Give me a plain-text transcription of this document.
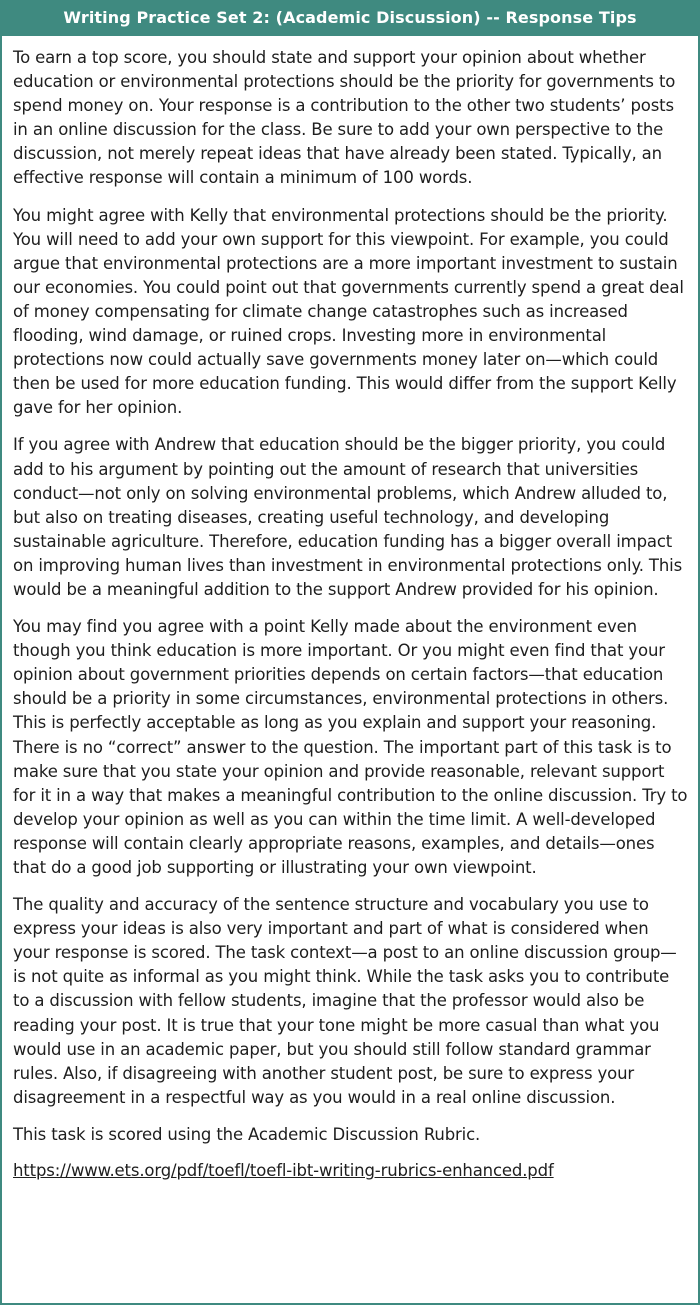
Writing Practice Set 2: (Academic Discussion) -- Response Tips

To earn a top score, you should state and support your opinion about whether education or environmental protections should be the priority for governments to spend money on. Your response is a contribution to the other two students’ posts in an online discussion for the class. Be sure to add your own perspective to the discussion, not merely repeat ideas that have already been stated. Typically, an effective response will contain a minimum of 100 words.

You might agree with Kelly that environmental protections should be the priority. You will need to add your own support for this viewpoint. For example, you could argue that environmental protections are a more important investment to sustain our economies. You could point out that governments currently spend a great deal of money compensating for climate change catastrophes such as increased flooding, wind damage, or ruined crops. Investing more in environmental protections now could actually save governments money later on—which could then be used for more education funding. This would differ from the support Kelly gave for her opinion.

If you agree with Andrew that education should be the bigger priority, you could add to his argument by pointing out the amount of research that universities conduct—not only on solving environmental problems, which Andrew alluded to, but also on treating diseases, creating useful technology, and developing sustainable agriculture. Therefore, education funding has a bigger overall impact on improving human lives than investment in environmental protections only. This would be a meaningful addition to the support Andrew provided for his opinion.

You may find you agree with a point Kelly made about the environment even though you think education is more important. Or you might even find that your opinion about government priorities depends on certain factors—that education should be a priority in some circumstances, environmental protections in others. This is perfectly acceptable as long as you explain and support your reasoning. There is no “correct” answer to the question. The important part of this task is to make sure that you state your opinion and provide reasonable, relevant support for it in a way that makes a meaningful contribution to the online discussion. Try to develop your opinion as well as you can within the time limit. A well-developed response will contain clearly appropriate reasons, examples, and details—ones that do a good job supporting or illustrating your own viewpoint.

The quality and accuracy of the sentence structure and vocabulary you use to express your ideas is also very important and part of what is considered when your response is scored. The task context—a post to an online discussion group—is not quite as informal as you might think. While the task asks you to contribute to a discussion with fellow students, imagine that the professor would also be reading your post. It is true that your tone might be more casual than what you would use in an academic paper, but you should still follow standard grammar rules. Also, if disagreeing with another student post, be sure to express your disagreement in a respectful way as you would in a real online discussion.

This task is scored using the Academic Discussion Rubric.

https://www.ets.org/pdf/toefl/toefl-ibt-writing-rubrics-enhanced.pdf
